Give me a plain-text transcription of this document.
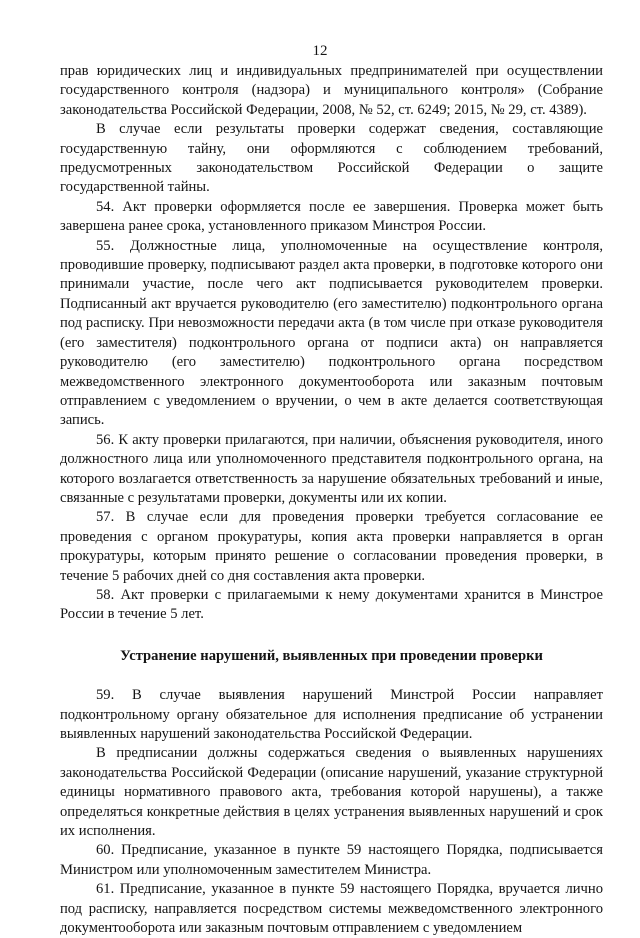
12

прав юридических лиц и индивидуальных предпринимателей при осуществлении государственного контроля (надзора) и муниципального контроля» (Собрание законодательства Российской Федерации, 2008, № 52, ст. 6249; 2015, № 29, ст. 4389).

В случае если результаты проверки содержат сведения, составляющие государственную тайну, они оформляются с соблюдением требований, предусмотренных законодательством Российской Федерации о защите государственной тайны.

54. Акт проверки оформляется после ее завершения. Проверка может быть завершена ранее срока, установленного приказом Минстроя России.

55. Должностные лица, уполномоченные на осуществление контроля, проводившие проверку, подписывают раздел акта проверки, в подготовке которого они принимали участие, после чего акт подписывается руководителем проверки. Подписанный акт вручается руководителю (его заместителю) подконтрольного органа под расписку. При невозможности передачи акта (в том числе при отказе руководителя (его заместителя) подконтрольного органа от подписи акта) он направляется руководителю (его заместителю) подконтрольного органа посредством межведомственного электронного документооборота или заказным почтовым отправлением с уведомлением о вручении, о чем в акте делается соответствующая запись.

56. К акту проверки прилагаются, при наличии, объяснения руководителя, иного должностного лица или уполномоченного представителя подконтрольного органа, на которого возлагается ответственность за нарушение обязательных требований и иные, связанные с результатами проверки, документы или их копии.

57. В случае если для проведения проверки требуется согласование ее проведения с органом прокуратуры, копия акта проверки направляется в орган прокуратуры, которым принято решение о согласовании проведения проверки, в течение 5 рабочих дней со дня составления акта проверки.

58. Акт проверки с прилагаемыми к нему документами хранится в Минстрое России в течение 5 лет.

Устранение нарушений, выявленных при проведении проверки

59. В случае выявления нарушений Минстрой России направляет подконтрольному органу обязательное для исполнения предписание об устранении выявленных нарушений законодательства Российской Федерации.

В предписании должны содержаться сведения о выявленных нарушениях законодательства Российской Федерации (описание нарушений, указание структурной единицы нормативного правового акта, требования которой нарушены), а также определяться конкретные действия в целях устранения выявленных нарушений и срок их исполнения.

60. Предписание, указанное в пункте 59 настоящего Порядка, подписывается Министром или уполномоченным заместителем Министра.

61. Предписание, указанное в пункте 59 настоящего Порядка, вручается лично под расписку, направляется посредством системы межведомственного электронного документооборота или заказным почтовым отправлением с уведомлением
